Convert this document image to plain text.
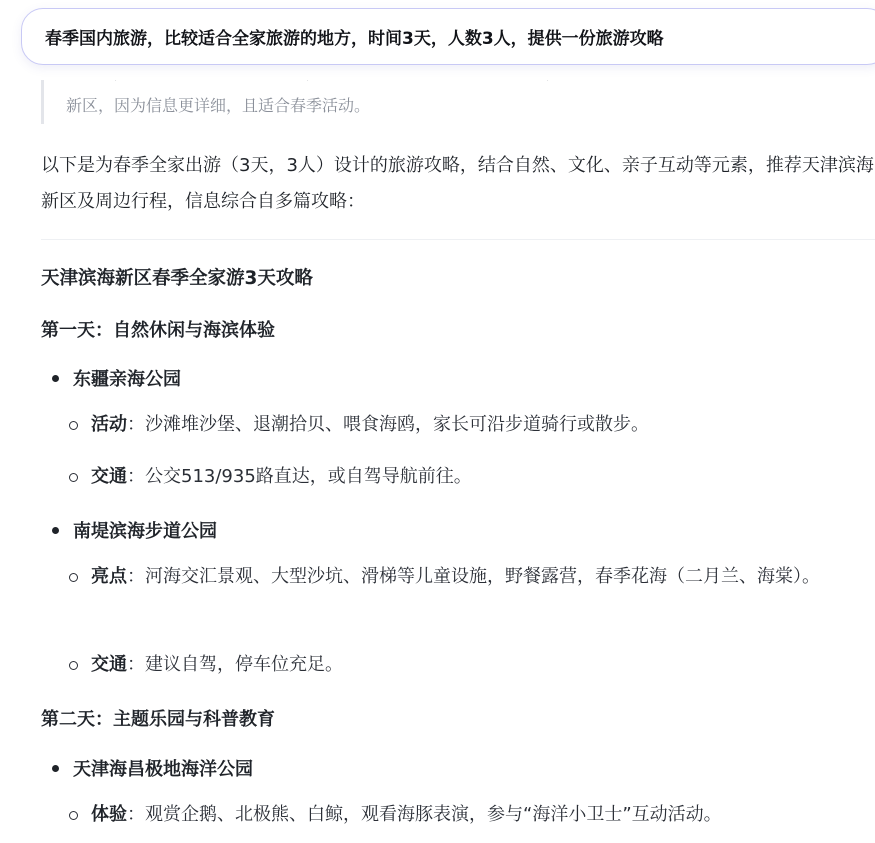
新区，因为信息更详细，且适合春季活动。
以下是为春季全家出游（3天，3人）设计的旅游攻略，结合自然、文化、亲子互动等元素，推荐天津滨海新区及周边行程，信息综合自多篇攻略：
天津滨海新区春季全家游3天攻略
第一天：自然休闲与海滨体验
东疆亲海公园
活动：沙滩堆沙堡、退潮拾贝、喂食海鸥，家长可沿步道骑行或散步。
交通：公交513/935路直达，或自驾导航前往。
南堤滨海步道公园
亮点：河海交汇景观、大型沙坑、滑梯等儿童设施，野餐露营，春季花海（二月兰、海棠）。
交通：建议自驾，停车位充足。
第二天：主题乐园与科普教育
天津海昌极地海洋公园
体验：观赏企鹅、北极熊、白鲸，观看海豚表演，参与“海洋小卫士”互动活动。
春季国内旅游，比较适合全家旅游的地方，时间3天，人数3人，提供一份旅游攻略
